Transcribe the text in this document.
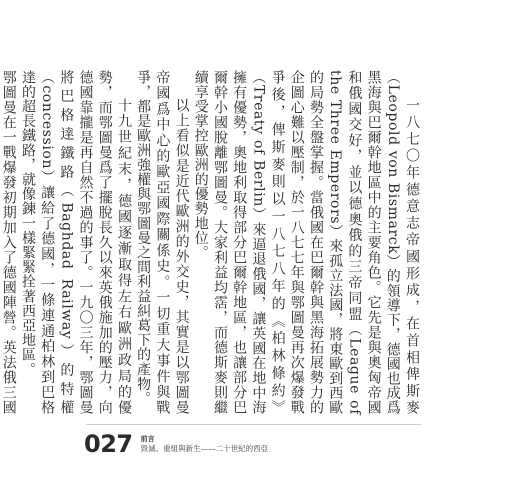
一八七〇年德意志帝國形成，在首相俾斯麥（Leopold von Bismarck）的領導下，德國也成爲黑海與巴爾幹地區中的主要角色。它先是與奧匈帝國和俄國交好，並以德奧俄的三帝同盟（League of the Three Emperors）來孤立法國，將東歐到西歐的局勢全盤掌握。當俄國在巴爾幹與黑海拓展勢力的企圖心難以壓制，於一八七七年與鄂圖曼再次爆發戰爭後，俾斯麥則以一八七八年的《柏林條約》（Treaty of Berlin）來逼退俄國，讓英國在地中海擁有優勢，奧地利取得部分巴爾幹地區，也讓部分巴爾幹小國脫離鄂圖曼。大家利益均霑，而德斯麥則繼續享受掌控歐洲的優勢地位。

以上看似是近代歐洲的外交史，其實是以鄂圖曼帝國爲中心的歐亞國際關係史。一切重大事件與戰爭，都是歐洲強權與鄂圖曼之間利益糾葛下的產物。

十九世紀末，德國逐漸取得左右歐洲政局的優勢，而鄂圖曼爲了擺脫長久以來英俄施加的壓力，向德國靠攏是再自然不過的事了。一九〇三年，鄂圖曼將巴格達鐵路（Baghdad Railway）的特權（concession）讓給了德國，一條連通柏林到巴格達的超長鐵路，就像鍊一樣緊緊拴著西亞地區。

鄂圖曼在一戰爆發初期加入了德國陣營。英法俄三國

027 前言
毀滅、重組與新生——二十世紀的西亞
